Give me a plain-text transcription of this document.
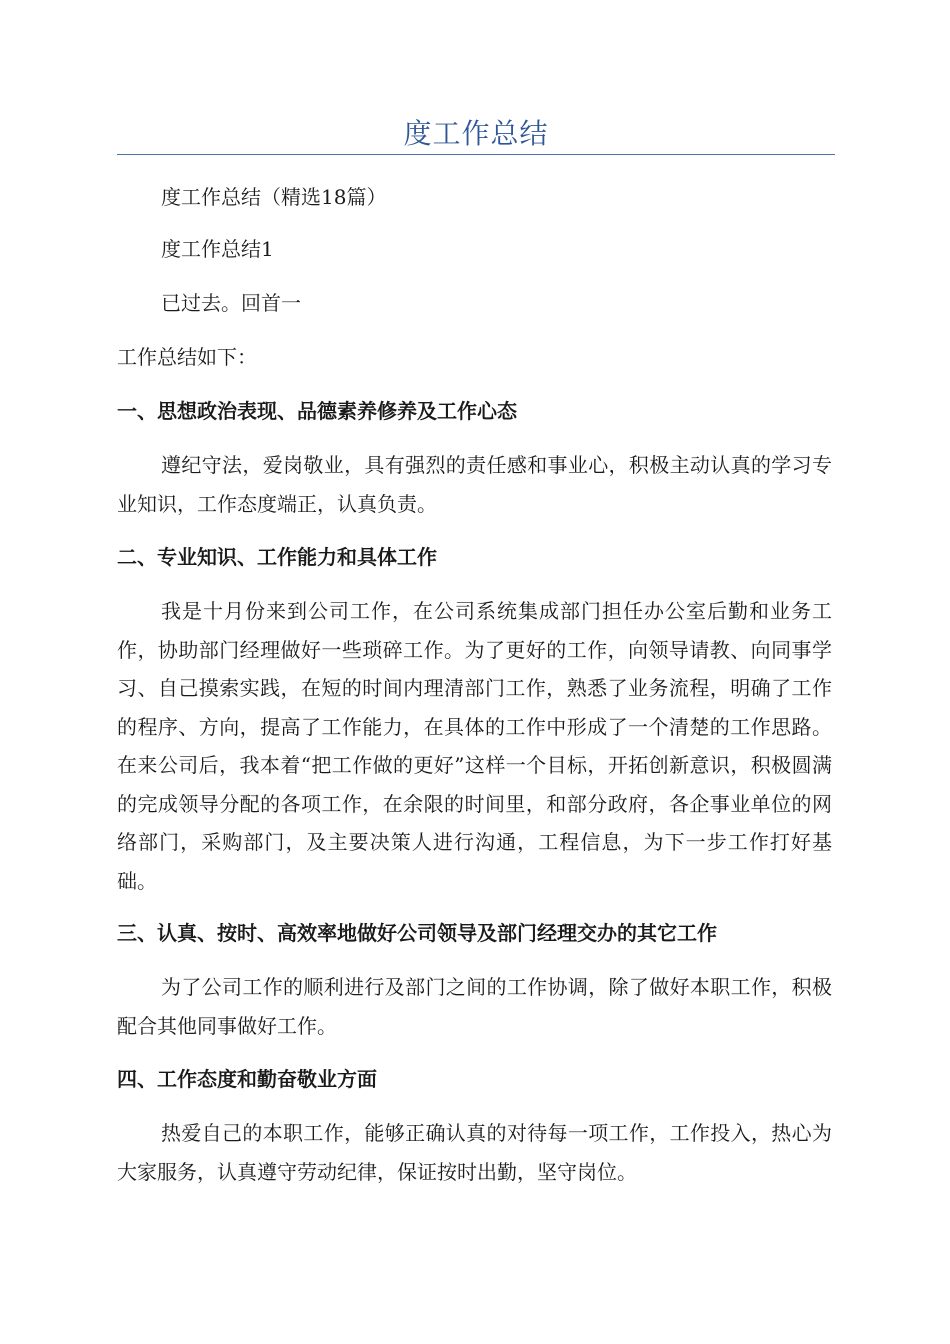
度工作总结

度工作总结（精选18篇）

度工作总结1

已过去。回首一

工作总结如下：

一、思想政治表现、品德素养修养及工作心态

遵纪守法，爱岗敬业，具有强烈的责任感和事业心，积极主动认真的学习专业知识，工作态度端正，认真负责。

二、专业知识、工作能力和具体工作

我是十月份来到公司工作，在公司系统集成部门担任办公室后勤和业务工作，协助部门经理做好一些琐碎工作。为了更好的工作，向领导请教、向同事学习、自己摸索实践，在短的时间内理清部门工作，熟悉了业务流程，明确了工作的程序、方向，提高了工作能力，在具体的工作中形成了一个清楚的工作思路。在来公司后，我本着“把工作做的更好”这样一个目标，开拓创新意识，积极圆满的完成领导分配的各项工作，在余限的时间里，和部分政府，各企事业单位的网络部门，采购部门，及主要决策人进行沟通，工程信息，为下一步工作打好基础。

三、认真、按时、高效率地做好公司领导及部门经理交办的其它工作

为了公司工作的顺利进行及部门之间的工作协调，除了做好本职工作，积极配合其他同事做好工作。

四、工作态度和勤奋敬业方面

热爱自己的本职工作，能够正确认真的对待每一项工作，工作投入，热心为大家服务，认真遵守劳动纪律，保证按时出勤，坚守岗位。
